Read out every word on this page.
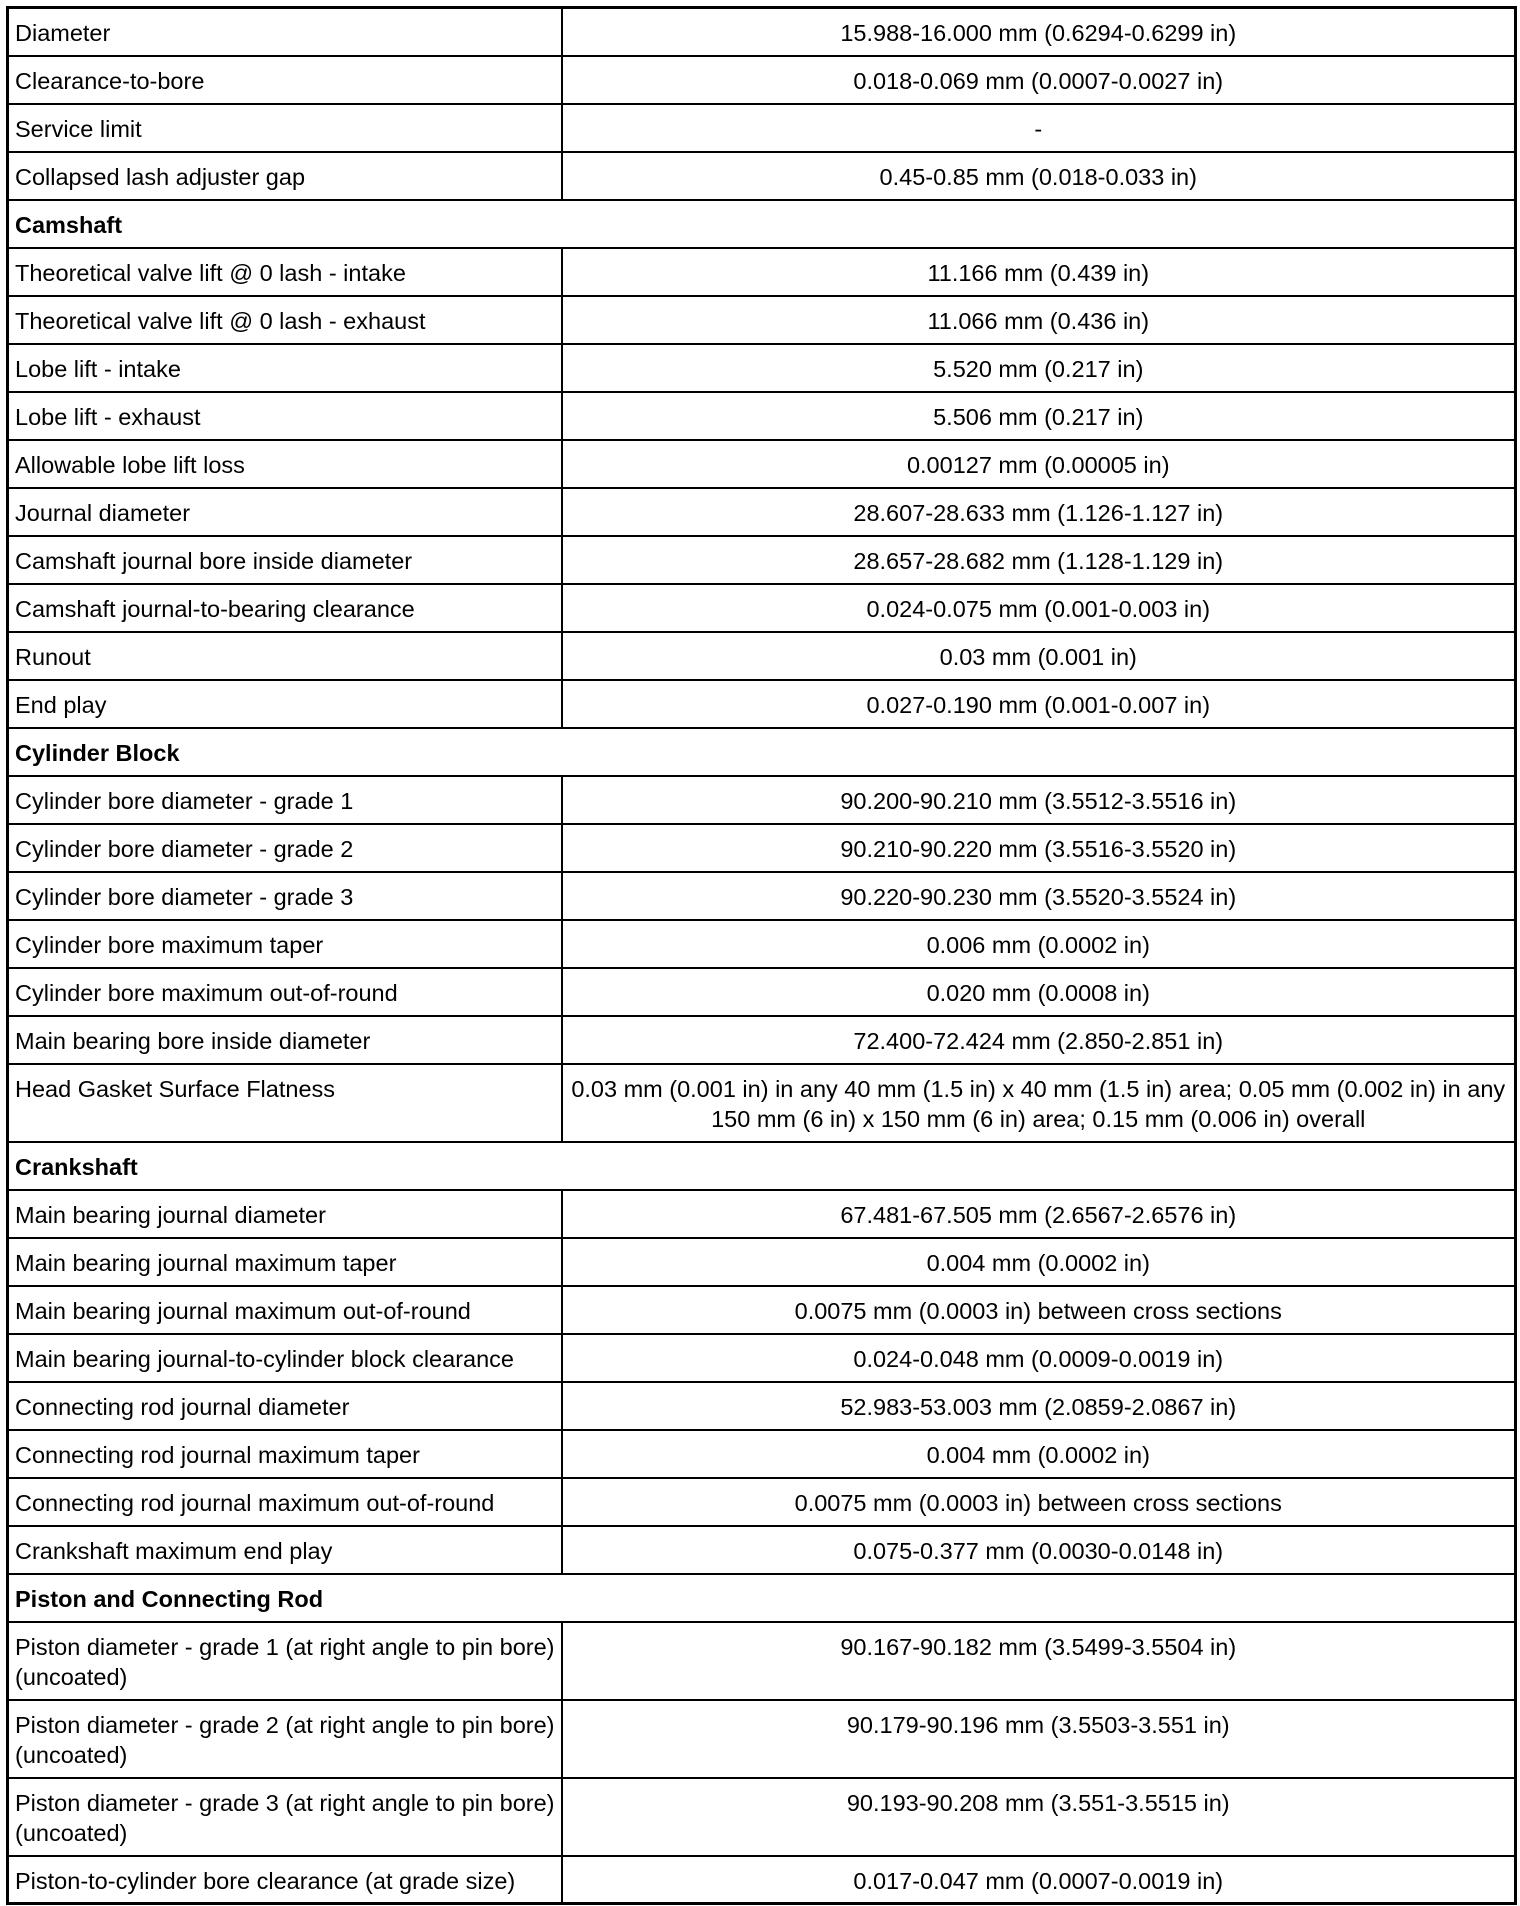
Diameter	15.988-16.000 mm (0.6294-0.6299 in)
Clearance-to-bore	0.018-0.069 mm (0.0007-0.0027 in)
Service limit	-
Collapsed lash adjuster gap	0.45-0.85 mm (0.018-0.033 in)
Camshaft	
Theoretical valve lift @ 0 lash - intake	11.166 mm (0.439 in)
Theoretical valve lift @ 0 lash - exhaust	11.066 mm (0.436 in)
Lobe lift - intake	5.520 mm (0.217 in)
Lobe lift - exhaust	5.506 mm (0.217 in)
Allowable lobe lift loss	0.00127 mm (0.00005 in)
Journal diameter	28.607-28.633 mm (1.126-1.127 in)
Camshaft journal bore inside diameter	28.657-28.682 mm (1.128-1.129 in)
Camshaft journal-to-bearing clearance	0.024-0.075 mm (0.001-0.003 in)
Runout	0.03 mm (0.001 in)
End play	0.027-0.190 mm (0.001-0.007 in)
Cylinder Block	
Cylinder bore diameter - grade 1	90.200-90.210 mm (3.5512-3.5516 in)
Cylinder bore diameter - grade 2	90.210-90.220 mm (3.5516-3.5520 in)
Cylinder bore diameter - grade 3	90.220-90.230 mm (3.5520-3.5524 in)
Cylinder bore maximum taper	0.006 mm (0.0002 in)
Cylinder bore maximum out-of-round	0.020 mm (0.0008 in)
Main bearing bore inside diameter	72.400-72.424 mm (2.850-2.851 in)
Head Gasket Surface Flatness	0.03 mm (0.001 in) in any 40 mm (1.5 in) x 40 mm (1.5 in) area; 0.05 mm (0.002 in) in any 150 mm (6 in) x 150 mm (6 in) area; 0.15 mm (0.006 in) overall
Crankshaft	
Main bearing journal diameter	67.481-67.505 mm (2.6567-2.6576 in)
Main bearing journal maximum taper	0.004 mm (0.0002 in)
Main bearing journal maximum out-of-round	0.0075 mm (0.0003 in) between cross sections
Main bearing journal-to-cylinder block clearance	0.024-0.048 mm (0.0009-0.0019 in)
Connecting rod journal diameter	52.983-53.003 mm (2.0859-2.0867 in)
Connecting rod journal maximum taper	0.004 mm (0.0002 in)
Connecting rod journal maximum out-of-round	0.0075 mm (0.0003 in) between cross sections
Crankshaft maximum end play	0.075-0.377 mm (0.0030-0.0148 in)
Piston and Connecting Rod	
Piston diameter - grade 1 (at right angle to pin bore) (uncoated)	90.167-90.182 mm (3.5499-3.5504 in)
Piston diameter - grade 2 (at right angle to pin bore) (uncoated)	90.179-90.196 mm (3.5503-3.551 in)
Piston diameter - grade 3 (at right angle to pin bore) (uncoated)	90.193-90.208 mm (3.551-3.5515 in)
Piston-to-cylinder bore clearance (at grade size)	0.017-0.047 mm (0.0007-0.0019 in)
